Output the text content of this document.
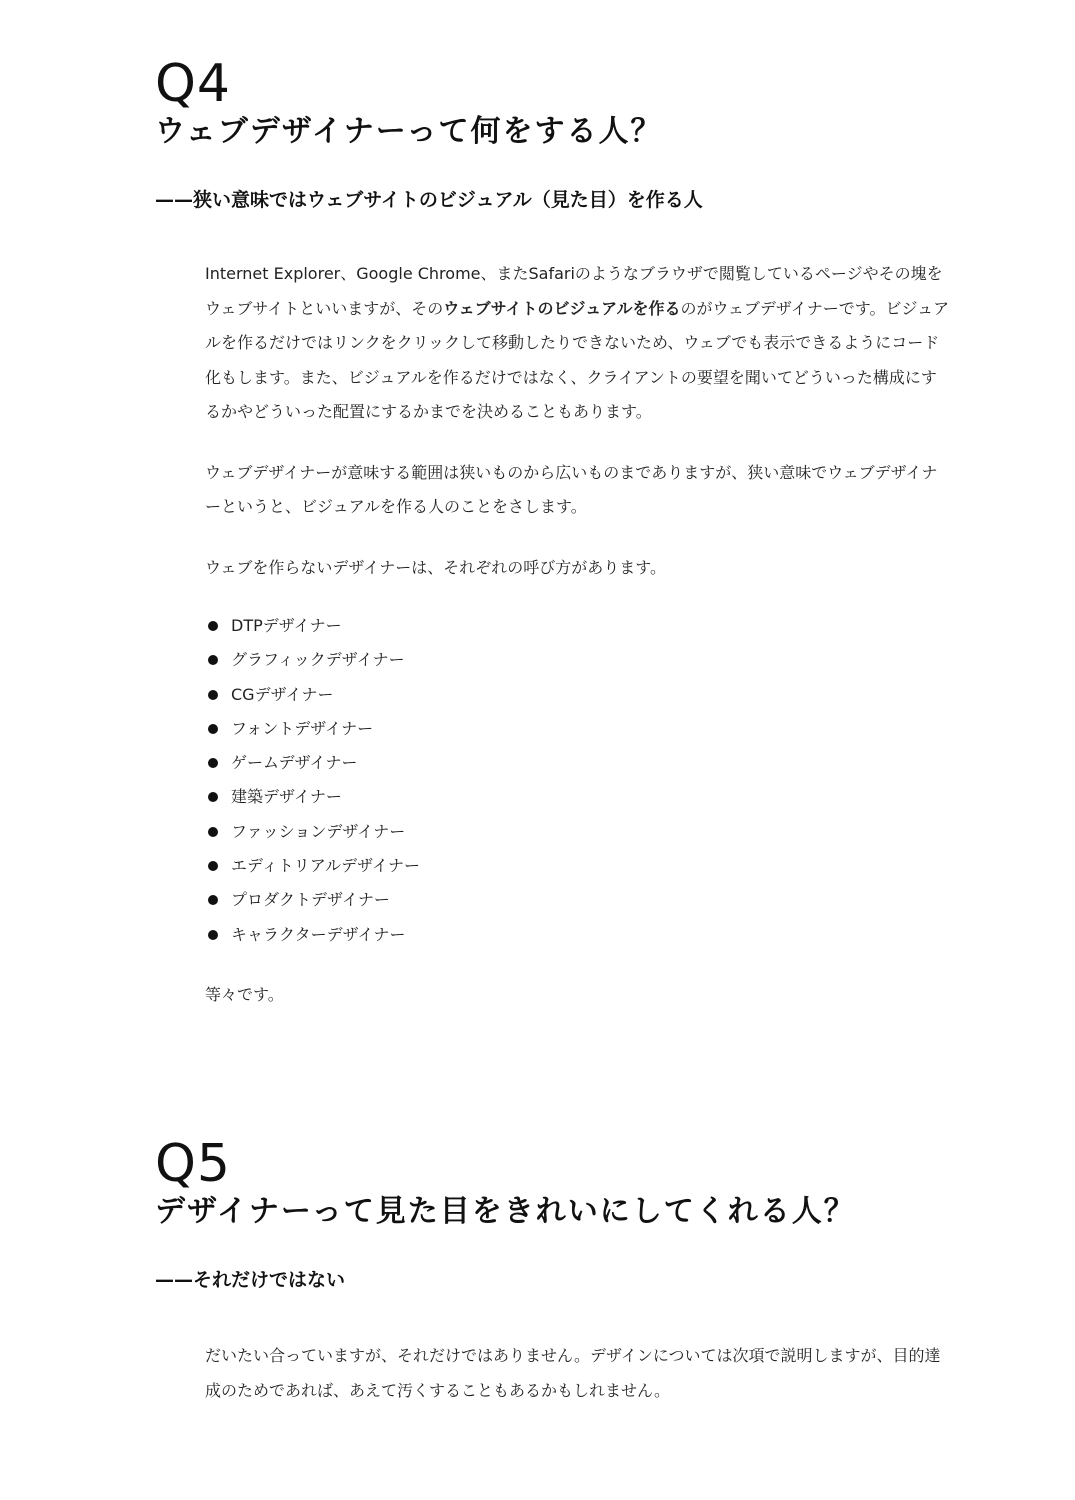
Q4
ウェブデザイナーって何をする人？

——狭い意味ではウェブサイトのビジュアル（見た目）を作る人

Internet Explorer、Google Chrome、またSafariのようなブラウザで閲覧しているページやその塊をウェブサイトといいますが、そのウェブサイトのビジュアルを作るのがウェブデザイナーです。ビジュアルを作るだけではリンクをクリックして移動したりできないため、ウェブでも表示できるようにコード化もします。また、ビジュアルを作るだけではなく、クライアントの要望を聞いてどういった構成にするかやどういった配置にするかまでを決めることもあります。

ウェブデザイナーが意味する範囲は狭いものから広いものまでありますが、狭い意味でウェブデザイナーというと、ビジュアルを作る人のことをさします。

ウェブを作らないデザイナーは、それぞれの呼び方があります。

DTPデザイナー
グラフィックデザイナー
CGデザイナー
フォントデザイナー
ゲームデザイナー
建築デザイナー
ファッションデザイナー
エディトリアルデザイナー
プロダクトデザイナー
キャラクターデザイナー

等々です。

Q5
デザイナーって見た目をきれいにしてくれる人？

——それだけではない

だいたい合っていますが、それだけではありません。デザインについては次項で説明しますが、目的達成のためであれば、あえて汚くすることもあるかもしれません。
